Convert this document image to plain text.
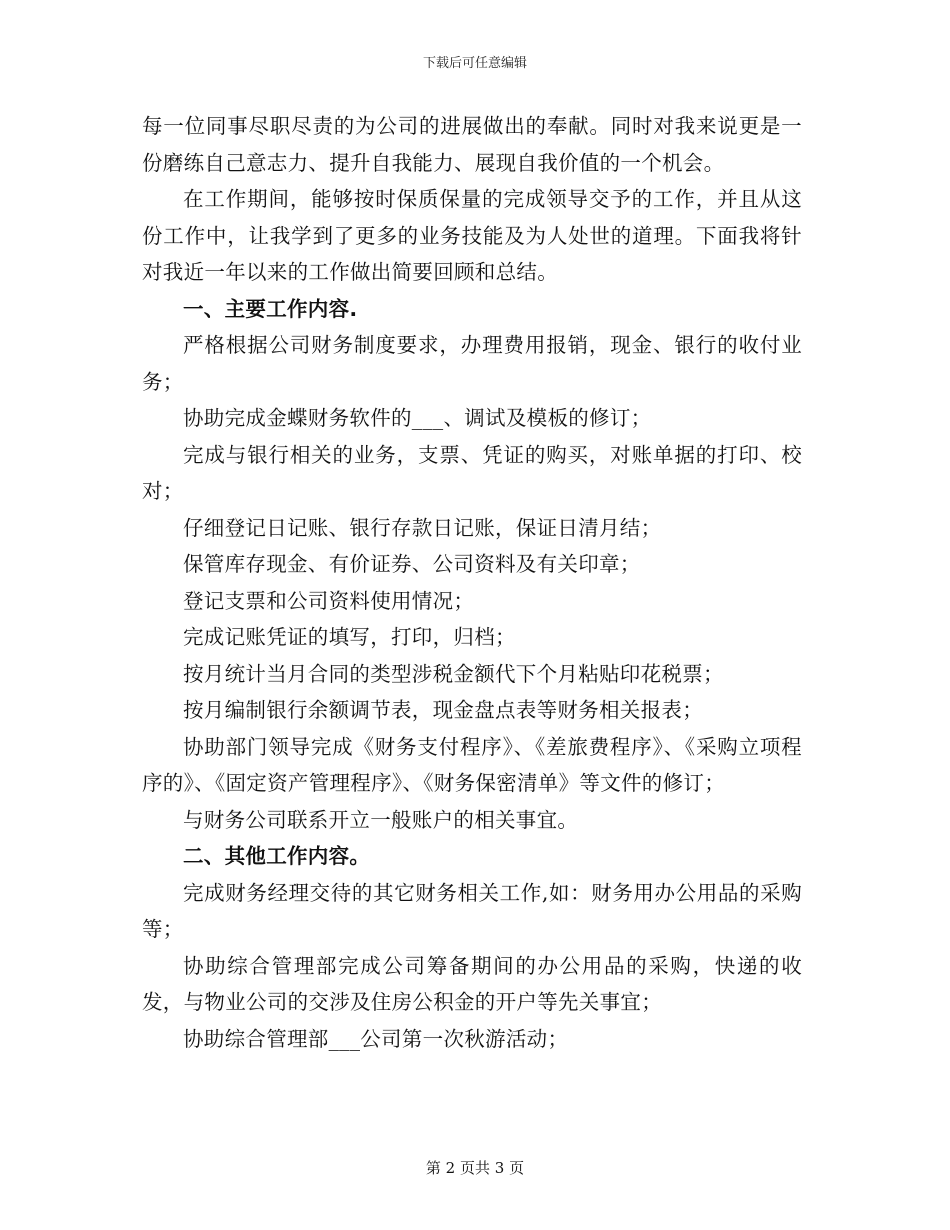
下载后可任意编辑

每一位同事尽职尽责的为公司的进展做出的奉献。同时对我来说更是一份磨练自己意志力、提升自我能力、展现自我价值的一个机会。

在工作期间，能够按时保质保量的完成领导交予的工作，并且从这份工作中，让我学到了更多的业务技能及为人处世的道理。下面我将针对我近一年以来的工作做出简要回顾和总结。

一、主要工作内容.

严格根据公司财务制度要求，办理费用报销，现金、银行的收付业务；

协助完成金蝶财务软件的___、调试及模板的修订；

完成与银行相关的业务，支票、凭证的购买，对账单据的打印、校对；

仔细登记日记账、银行存款日记账，保证日清月结；

保管库存现金、有价证券、公司资料及有关印章；

登记支票和公司资料使用情况；

完成记账凭证的填写，打印，归档；

按月统计当月合同的类型涉税金额代下个月粘贴印花税票；

按月编制银行余额调节表，现金盘点表等财务相关报表；

协助部门领导完成《财务支付程序》、《差旅费程序》、《采购立项程序的》、《固定资产管理程序》、《财务保密清单》等文件的修订；

与财务公司联系开立一般账户的相关事宜。

二、其他工作内容。

完成财务经理交待的其它财务相关工作,如：财务用办公用品的采购等；

协助综合管理部完成公司筹备期间的办公用品的采购，快递的收发，与物业公司的交涉及住房公积金的开户等先关事宜；

协助综合管理部___公司第一次秋游活动；

第 2 页共 3 页
